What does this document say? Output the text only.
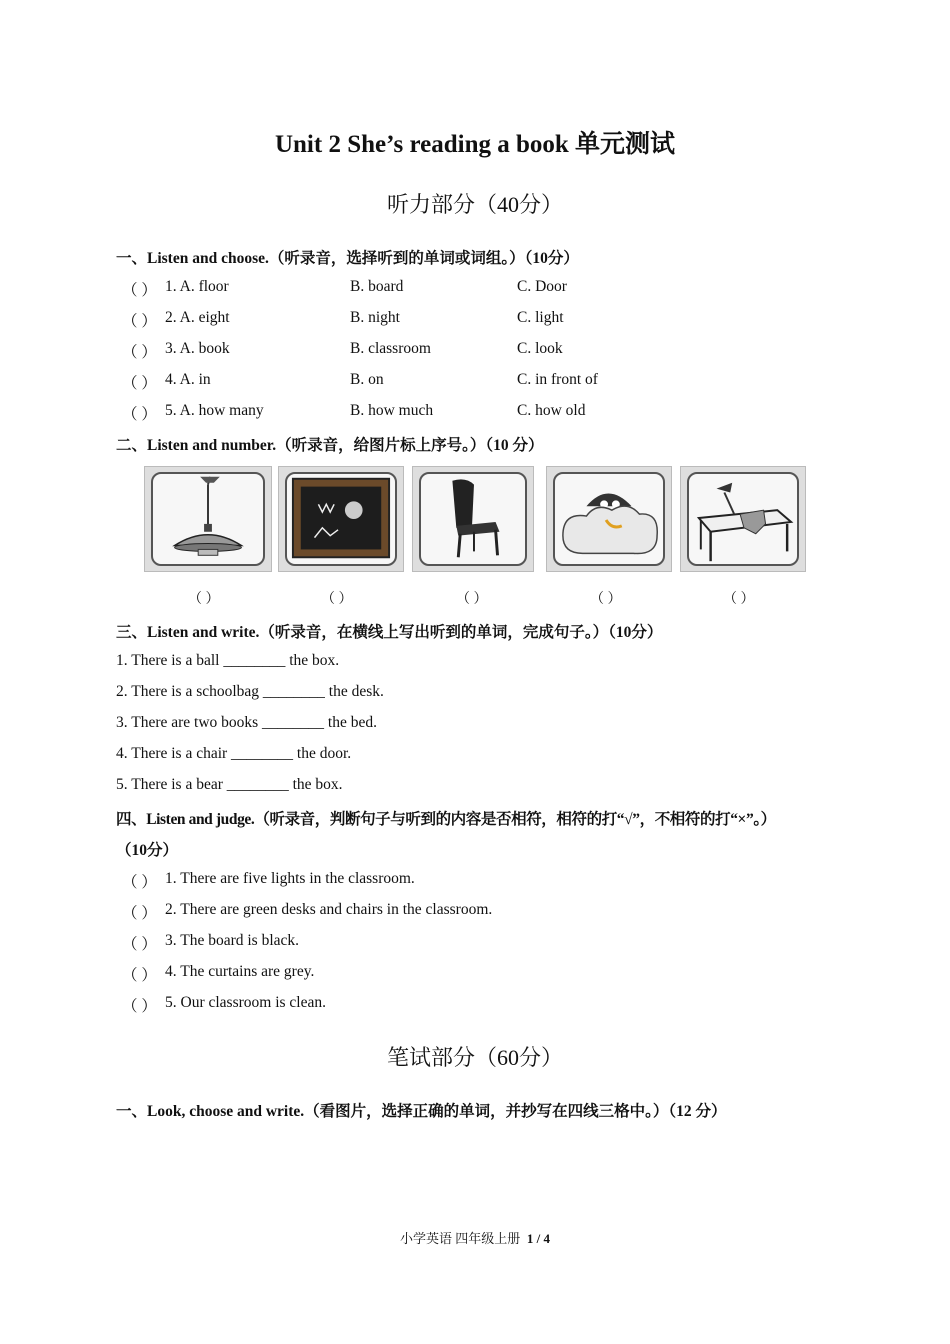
Unit 2 She’s reading a book 单元测试
听力部分（40分）
一、Listen and choose.（听录音，选择听到的单词或词组。）（10分）
（ ） 1. A. floor	B. board	C. Door
（ ） 2. A. eight	B. night	C. light
（ ） 3. A. book	B. classroom	C. look
（ ） 4. A. in	B. on	C. in front of
（ ） 5. A. how many	B. how much	C. how old
二、Listen and number.（听录音，给图片标上序号。）（10 分）
（ ）	（ ）	（ ）	（ ）	（ ）
三、Listen and write.（听录音，在横线上写出听到的单词，完成句子。）（10分）
1. There is a ball ________ the box.
2. There is a schoolbag ________ the desk.
3. There are two books ________ the bed.
4. There is a chair ________ the door.
5. There is a bear ________ the box.
四、Listen and judge.（听录音，判断句子与听到的内容是否相符，相符的打“√”，不相符的打“×”。）
（10分）
（ ） 1. There are five lights in the classroom.
（ ） 2. There are green desks and chairs in the classroom.
（ ） 3. The board is black.
（ ） 4. The curtains are grey.
（ ） 5. Our classroom is clean.
笔试部分（60分）
一、Look, choose and write.（看图片，选择正确的单词，并抄写在四线三格中。）（12 分）
小学英语 四年级上册 1 / 4
